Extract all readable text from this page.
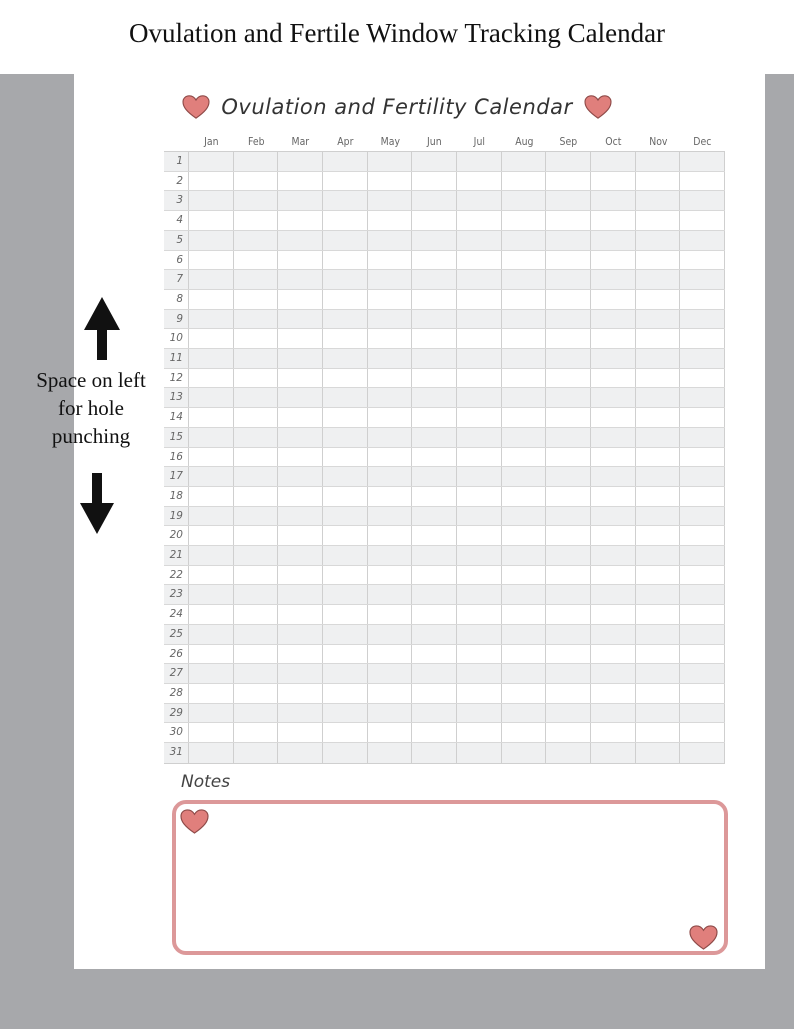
Ovulation and Fertile Window Tracking Calendar
Space on left
for hole
punching
Ovulation and Fertility Calendar
Jan	Feb	Mar	Apr	May	Jun	Jul	Aug	Sep	Oct	Nov	Dec
1
2
3
4
5
6
7
8
9
10
11
12
13
14
15
16
17
18
19
20
21
22
23
24
25
26
27
28
29
30
31
Notes
